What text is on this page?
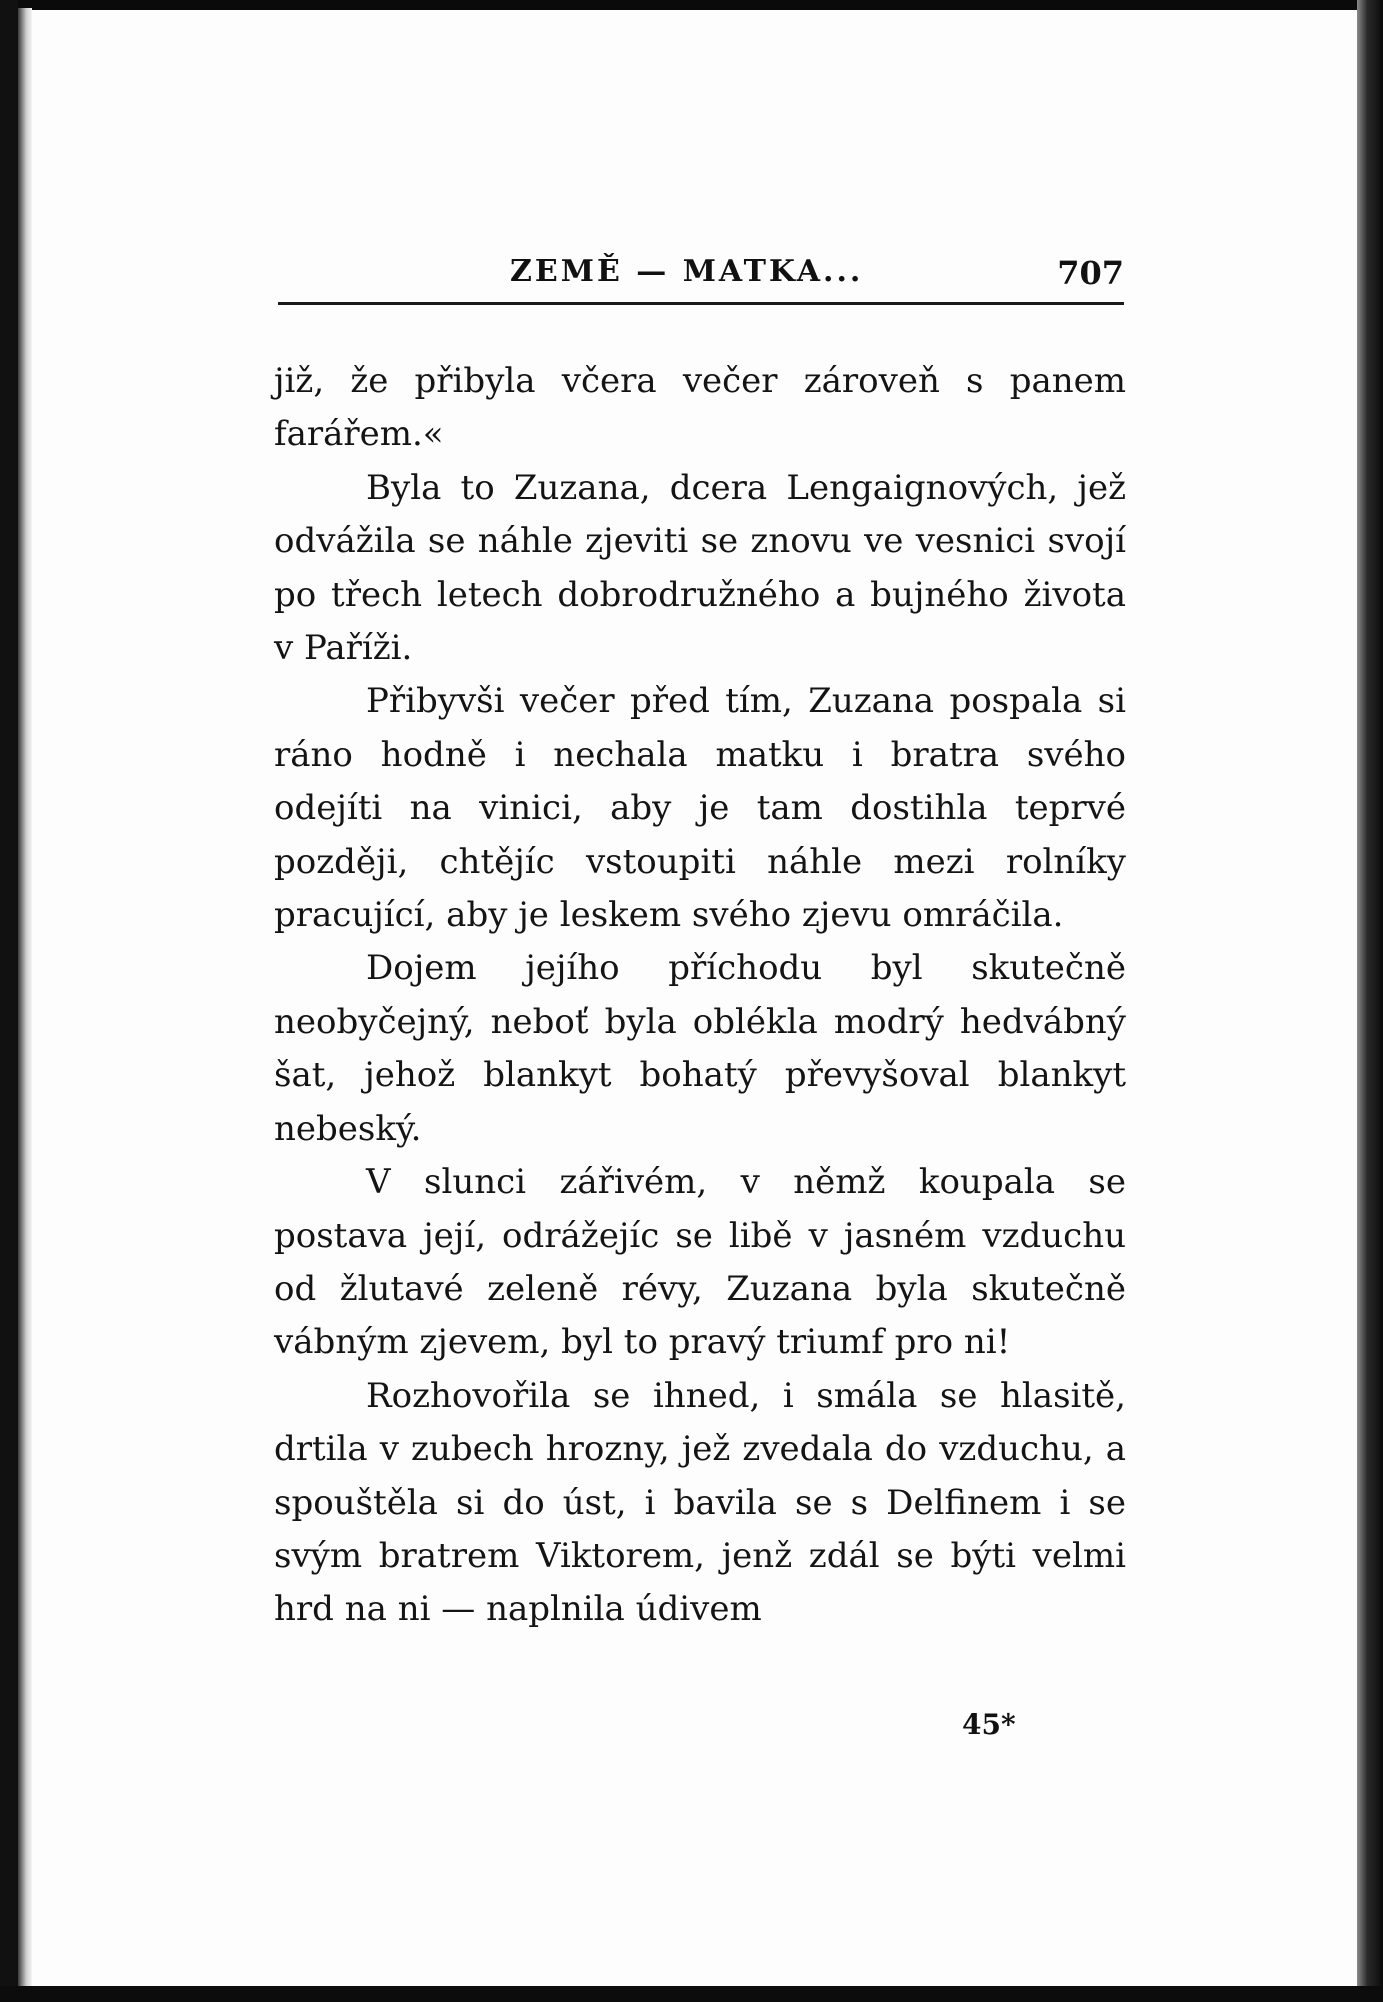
ZEMĚ — MATKA...	707

již, že přibyla včera večer zároveň s panem farářem.«

Byla to Zuzana, dcera Lengaignových, jež odvážila se náhle zjeviti se znovu ve vesnici svojí po třech letech dobrodružného a bujného života v Paříži.

Přibyvši večer před tím, Zuzana pospala si ráno hodně i nechala matku i bratra svého odejíti na vinici, aby je tam dostihla teprvé později, chtějíc vstoupiti náhle mezi rolníky pracující, aby je leskem svého zjevu omráčila.

Dojem jejího příchodu byl skutečně neobyčejný, neboť byla oblékla modrý hedvábný šat, jehož blankyt bohatý převyšoval blankyt nebeský.

V slunci zářivém, v němž koupala se postava její, odrážejíc se libě v jasném vzduchu od žlutavé zeleně révy, Zuzana byla skutečně vábným zjevem, byl to pravý triumf pro ni!

Rozhovořila se ihned, i smála se hlasitě, drtila v zubech hrozny, jež zvedala do vzduchu, a spouštěla si do úst, i bavila se s Delfinem i se svým bratrem Viktorem, jenž zdál se býti velmi hrd na ni — naplnila údivem

45*
